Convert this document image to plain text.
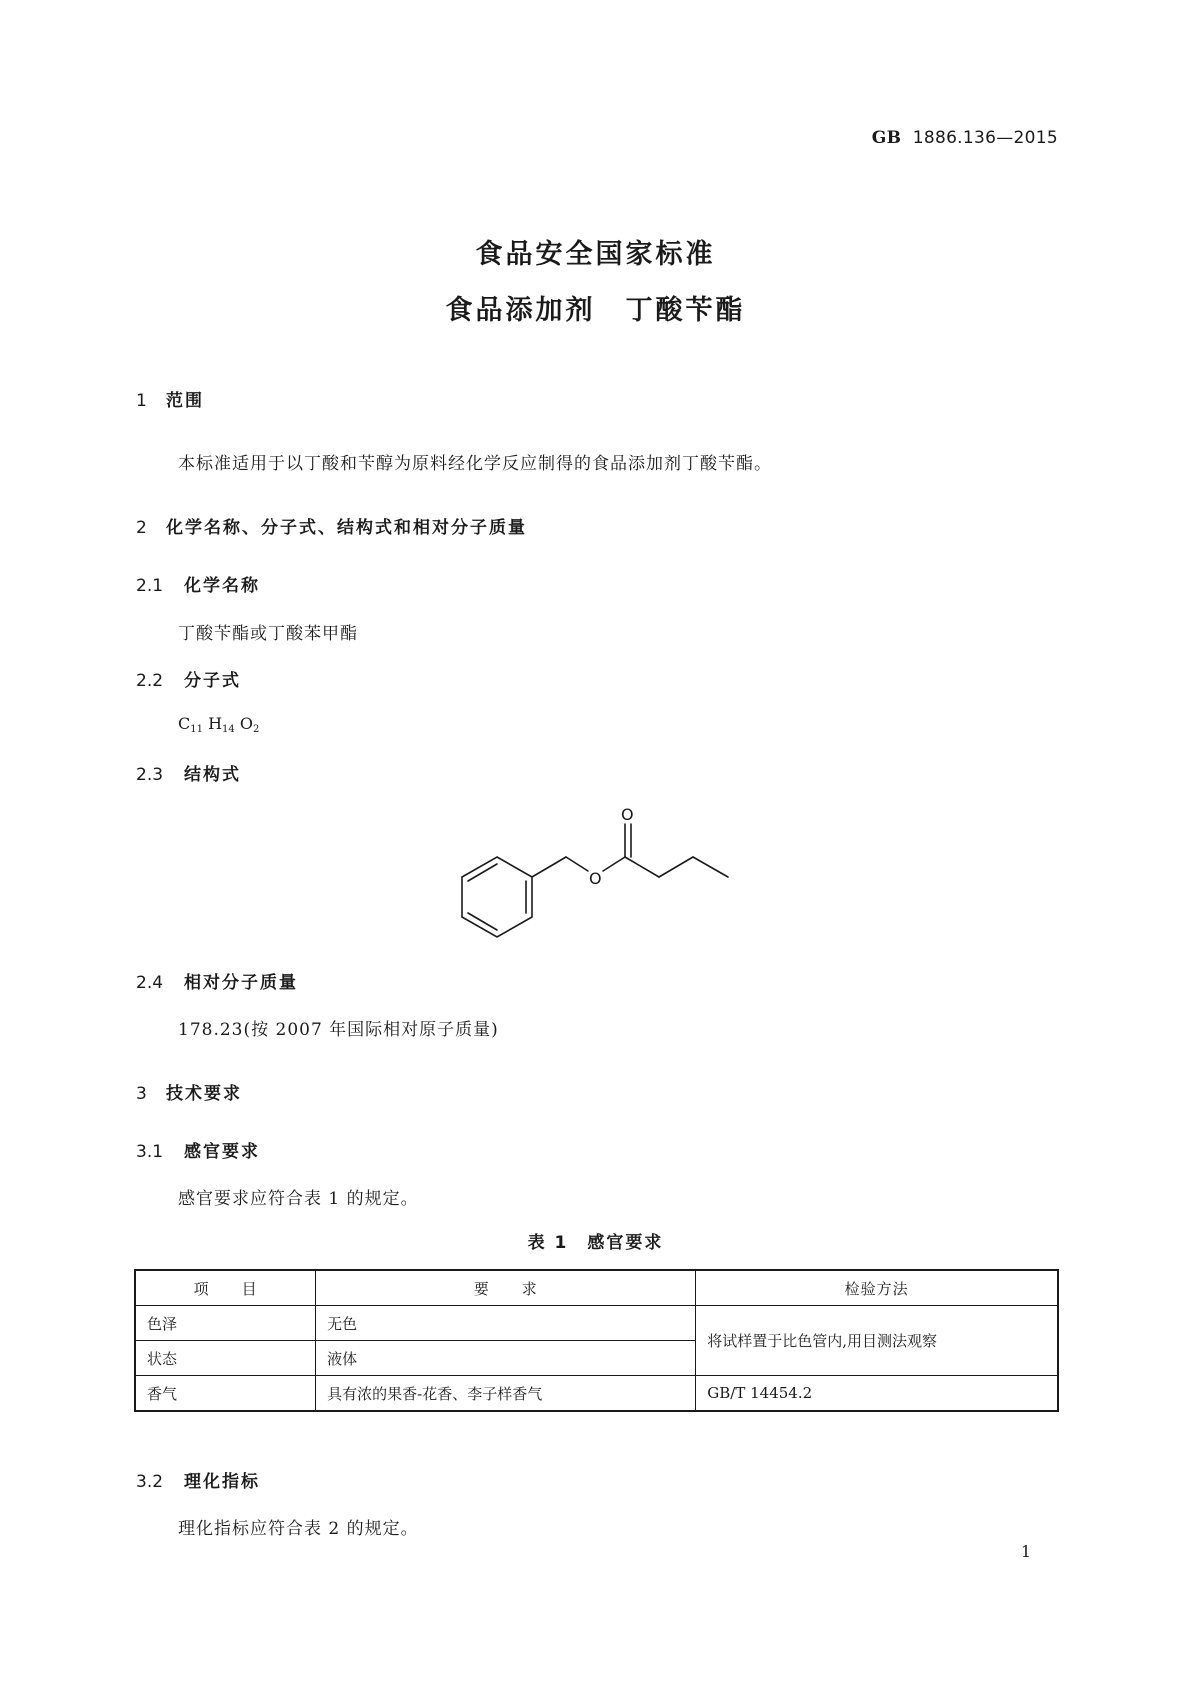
GB 1886.136—2015
食品安全国家标准
食品添加剂　丁酸苄酯
1 范围
本标准适用于以丁酸和苄醇为原料经化学反应制得的食品添加剂丁酸苄酯。
2 化学名称、分子式、结构式和相对分子质量
2.1 化学名称
丁酸苄酯或丁酸苯甲酯
2.2 分子式
$C_{11}$ $H_{14}$ $O_2$
2.3 结构式
O
O
2.4 相对分子质量
178.23(按 2007 年国际相对原子质量)
3 技术要求
3.1 感官要求
感官要求应符合表 1 的规定。
表 1　感官要求
项　　目	要　　求	检验方法
色泽	无色	将试样置于比色管内,用目测法观察
状态	液体	
香气	具有浓的果香-花香、李子样香气	GB/T 14454.2
3.2 理化指标
理化指标应符合表 2 的规定。
1
